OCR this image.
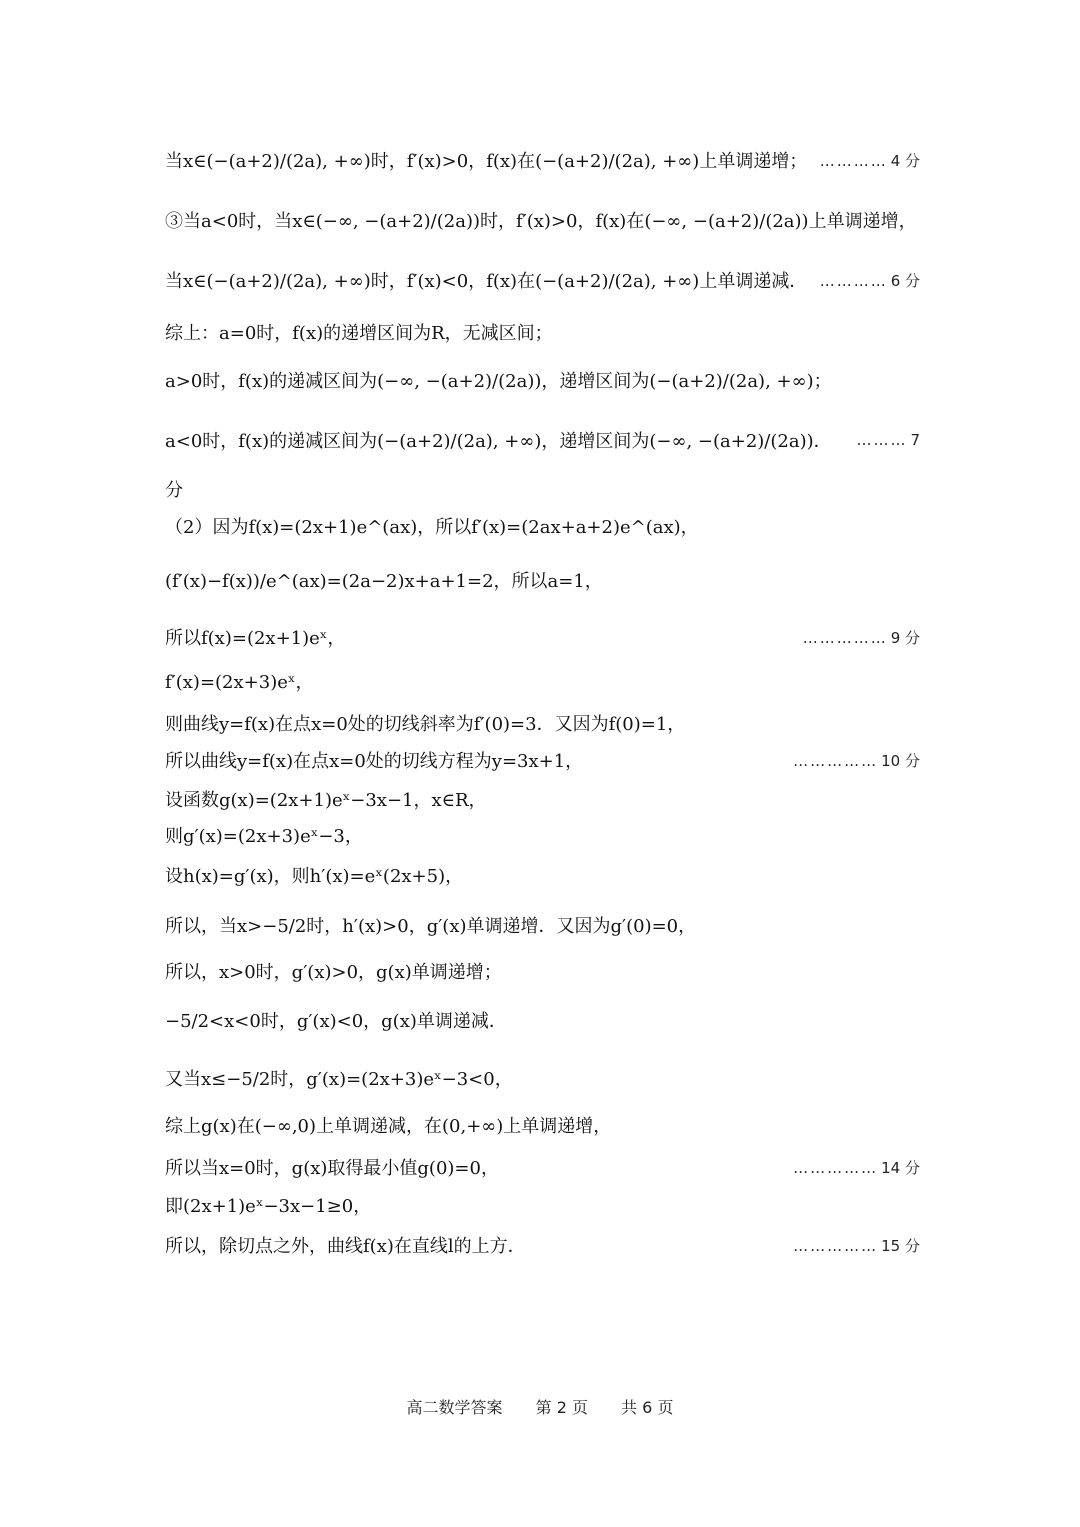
当x∈(−(a+2)/(2a), +∞)时，f′(x)>0，f(x)在(−(a+2)/(2a), +∞)上单调递增； ………… 4 分
③当a<0时，当x∈(−∞, −(a+2)/(2a))时，f′(x)>0，f(x)在(−∞, −(a+2)/(2a))上单调递增，
当x∈(−(a+2)/(2a), +∞)时，f′(x)<0，f(x)在(−(a+2)/(2a), +∞)上单调递减． ………… 6 分
综上：a=0时，f(x)的递增区间为R，无减区间；
a>0时，f(x)的递减区间为(−∞, −(a+2)/(2a))，递增区间为(−(a+2)/(2a), +∞)；
a<0时，f(x)的递减区间为(−(a+2)/(2a), +∞)，递增区间为(−∞, −(a+2)/(2a))．	……… 7
分
（2）因为f(x)=(2x+1)e^(ax)，所以f′(x)=(2ax+a+2)e^(ax)，
(f′(x)−f(x))/e^(ax)=(2a−2)x+a+1=2，所以a=1，
所以f(x)=(2x+1)eˣ，	…………… 9 分
f′(x)=(2x+3)eˣ，
则曲线y=f(x)在点x=0处的切线斜率为f′(0)=3．又因为f(0)=1，
所以曲线y=f(x)在点x=0处的切线方程为y=3x+1，	…………… 10 分
设函数g(x)=(2x+1)eˣ−3x−1，x∈R，
则g′(x)=(2x+3)eˣ−3，
设h(x)=g′(x)，则h′(x)=eˣ(2x+5)，
所以，当x>−5/2时，h′(x)>0，g′(x)单调递增．又因为g′(0)=0，
所以，x>0时，g′(x)>0，g(x)单调递增；
−5/2<x<0时，g′(x)<0，g(x)单调递减．
又当x≤−5/2时，g′(x)=(2x+3)eˣ−3<0，
综上g(x)在(−∞,0)上单调递减，在(0,+∞)上单调递增，
所以当x=0时，g(x)取得最小值g(0)=0，	…………… 14 分
即(2x+1)eˣ−3x−1≥0，
所以，除切点之外，曲线f(x)在直线l的上方．	…………… 15 分
高二数学答案 第 2 页 共 6 页
